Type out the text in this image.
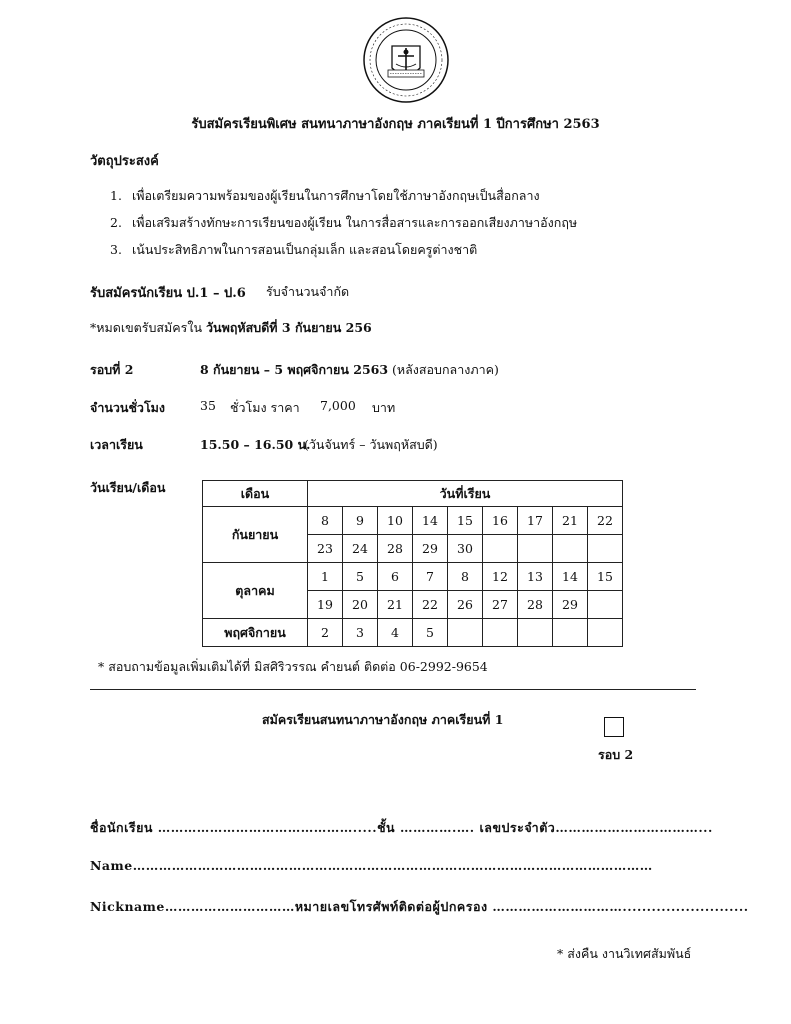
รับสมัครเรียนพิเศษ สนทนาภาษาอังกฤษ ภาคเรียนที่ 1 ปีการศึกษา 2563
วัตถุประสงค์
1. เพื่อเตรียมความพร้อมของผู้เรียนในการศึกษาโดยใช้ภาษาอังกฤษเป็นสื่อกลาง
2. เพื่อเสริมสร้างทักษะการเรียนของผู้เรียน ในการสื่อสารและการออกเสียงภาษาอังกฤษ
3. เน้นประสิทธิภาพในการสอนเป็นกลุ่มเล็ก และสอนโดยครูต่างชาติ
รับสมัครนักเรียน ป.1 – ป.6 รับจำนวนจำกัด
*หมดเขตรับสมัครใน วันพฤหัสบดีที่ 3 กันยายน 256
รอบที่ 2	8 กันยายน – 5 พฤศจิกายน 2563 (หลังสอบกลางภาค)
จำนวนชั่วโมง	35 ชั่วโมง ราคา 7,000 บาท
เวลาเรียน	15.50 – 16.50 น.
(วันจันทร์ – วันพฤหัสบดี)
วันเรียน/เดือน	เดือน	วันที่เรียน								
กันยายน	8	9	10	14	15	16	17	21	22
	23	24	28	29	30				
ตุลาคม	1	5	6	7	8	12	13	14	15
	19	20	21	22	26	27	28	29	
พฤศจิกายน	2	3	4	5					
* สอบถามข้อมูลเพิ่มเติมได้ที่ มิสศิริวรรณ คำยนต์ ติดต่อ 06-2992-9654
สมัครเรียนสนทนาภาษาอังกฤษ ภาคเรียนที่ 1
รอบ 2
ชื่อนักเรียน ……………………………………….....ชั้น ………….…. เลขประจำตัว……………………………...
Name…………………………………………………………………………………………………………
Nickname…………………………หมายเลขโทรศัพท์ติดต่อผู้ปกครอง …………………………..........................
* ส่งคืน งานวิเทศสัมพันธ์
